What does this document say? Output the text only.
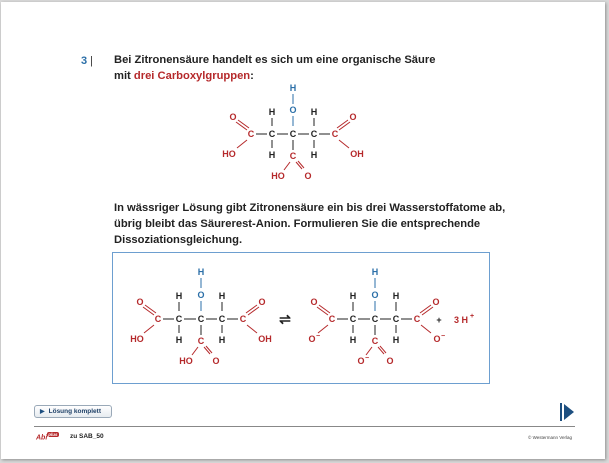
3 | Bei Zitronensäure handelt es sich um eine organische Säure
mit drei Carboxylgruppen:
H
O
H	H
O	O
C C C C C
HO	OH
H	H
C
HO O
In wässriger Lösung gibt Zitronensäure ein bis drei Wasserstoffatome ab,
übrig bleibt das Säurerest-Anion. Formulieren Sie die entsprechende
Dissoziationsgleichung.
H
O
H	H
O	O
C C C C C
HO	OH
H	H
C
HO O
⇌
H
O
H	H
O	O
C C C C C
O −	O −
H	H
C
O − O
+ 3 H +
▶ Lösung komplett
Abi$^{plus}$ zu SAB_50	© Westermann Verlag
